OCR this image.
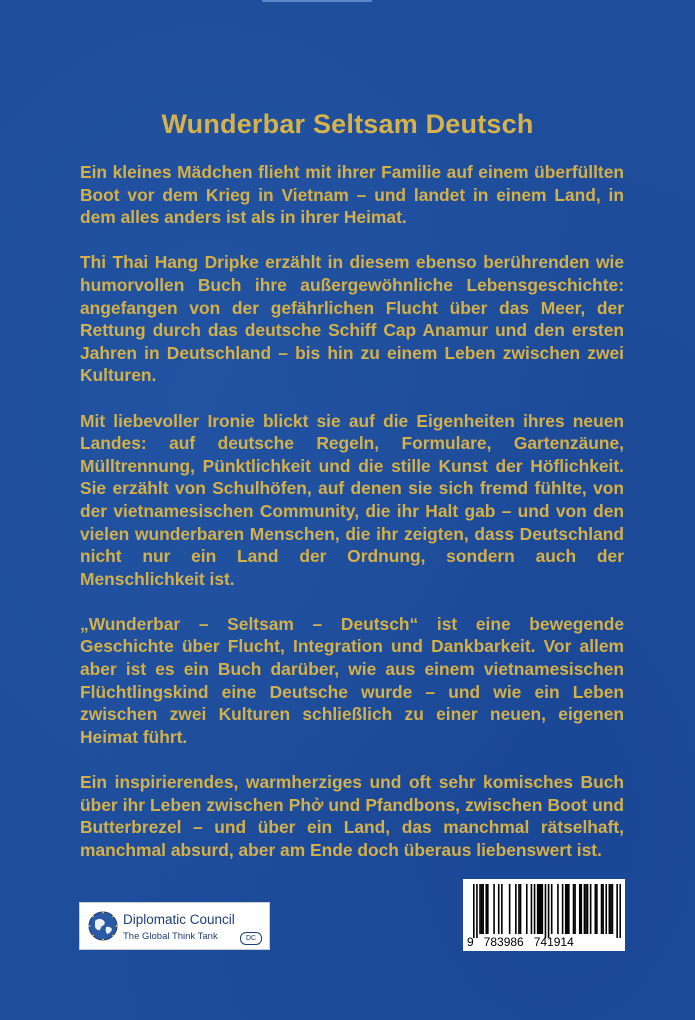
Wunderbar Seltsam Deutsch

Ein kleines Mädchen flieht mit ihrer Familie auf einem überfüllten Boot vor dem Krieg in Vietnam – und landet in einem Land, in dem alles anders ist als in ihrer Heimat.

Thi Thai Hang Dripke erzählt in diesem ebenso berührenden wie humorvollen Buch ihre außergewöhnliche Lebensgeschichte: angefangen von der gefährlichen Flucht über das Meer, der Rettung durch das deutsche Schiff Cap Anamur und den ersten Jahren in Deutschland – bis hin zu einem Leben zwischen zwei Kulturen.

Mit liebevoller Ironie blickt sie auf die Eigenheiten ihres neuen Landes: auf deutsche Regeln, Formulare, Gartenzäune, Mülltrennung, Pünktlichkeit und die stille Kunst der Höflichkeit. Sie erzählt von Schulhöfen, auf denen sie sich fremd fühlte, von der vietnamesischen Community, die ihr Halt gab – und von den vielen wunderbaren Menschen, die ihr zeigten, dass Deutschland nicht nur ein Land der Ordnung, sondern auch der Menschlichkeit ist.

„Wunderbar – Seltsam – Deutsch“ ist eine bewegende Geschichte über Flucht, Integration und Dankbarkeit. Vor allem aber ist es ein Buch darüber, wie aus einem vietnamesischen Flüchtlingskind eine Deutsche wurde – und wie ein Leben zwischen zwei Kulturen schließlich zu einer neuen, eigenen Heimat führt.

Ein inspirierendes, warmherziges und oft sehr komisches Buch über ihr Leben zwischen Phở und Pfandbons, zwischen Boot und Butterbrezel – und über ein Land, das manchmal rätselhaft, manchmal absurd, aber am Ende doch überaus liebenswert ist.

Diplomatic Council
The Global Think Tank	DC	9   783986   741914
